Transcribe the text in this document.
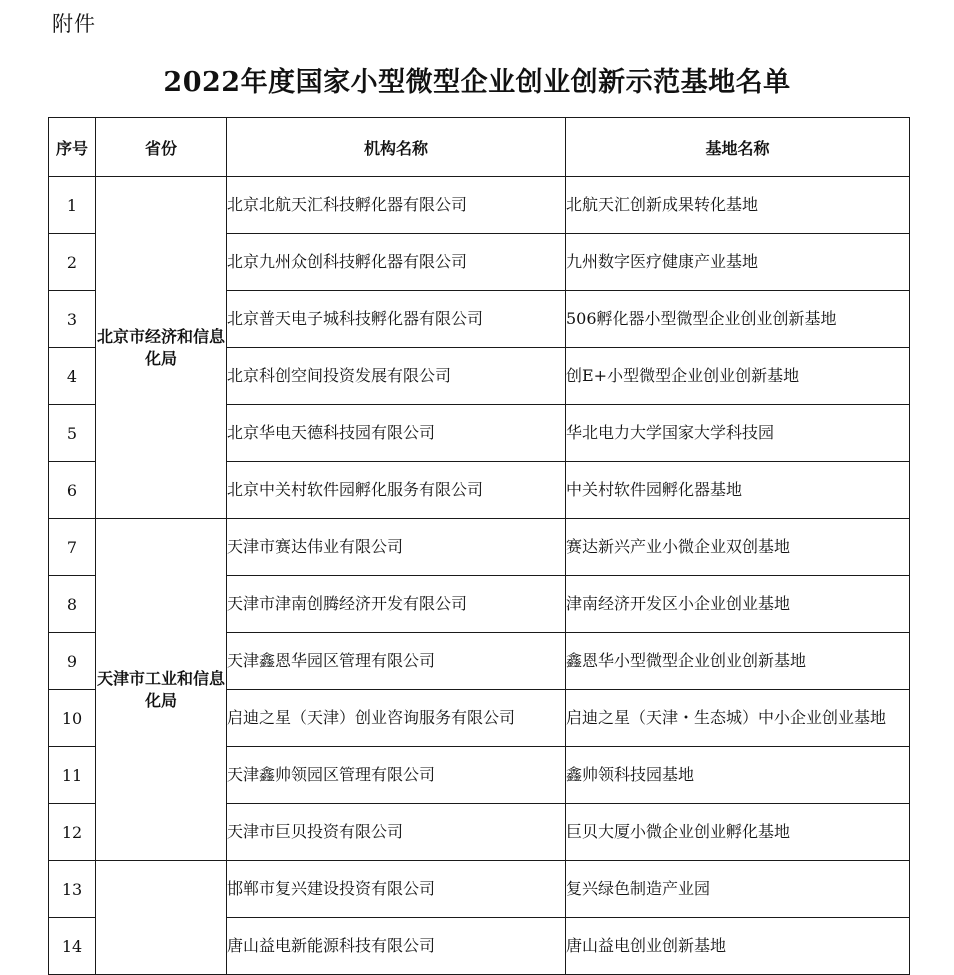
附件
2022年度国家小型微型企业创业创新示范基地名单
序号	省份	机构名称	基地名称
1	北京市经济和信息化局	北京北航天汇科技孵化器有限公司	北航天汇创新成果转化基地
2		北京九州众创科技孵化器有限公司	九州数字医疗健康产业基地
3		北京普天电子城科技孵化器有限公司	506孵化器小型微型企业创业创新基地
4		北京科创空间投资发展有限公司	创E+小型微型企业创业创新基地
5		北京华电天德科技园有限公司	华北电力大学国家大学科技园
6		北京中关村软件园孵化服务有限公司	中关村软件园孵化器基地
7	天津市工业和信息化局	天津市赛达伟业有限公司	赛达新兴产业小微企业双创基地
8		天津市津南创腾经济开发有限公司	津南经济开发区小企业创业基地
9		天津鑫恩华园区管理有限公司	鑫恩华小型微型企业创业创新基地
10		启迪之星（天津）创业咨询服务有限公司	启迪之星（天津・生态城）中小企业创业基地
11		天津鑫帅领园区管理有限公司	鑫帅领科技园基地
12		天津市巨贝投资有限公司	巨贝大厦小微企业创业孵化基地
13		邯郸市复兴建设投资有限公司	复兴绿色制造产业园
14		唐山益电新能源科技有限公司	唐山益电创业创新基地
